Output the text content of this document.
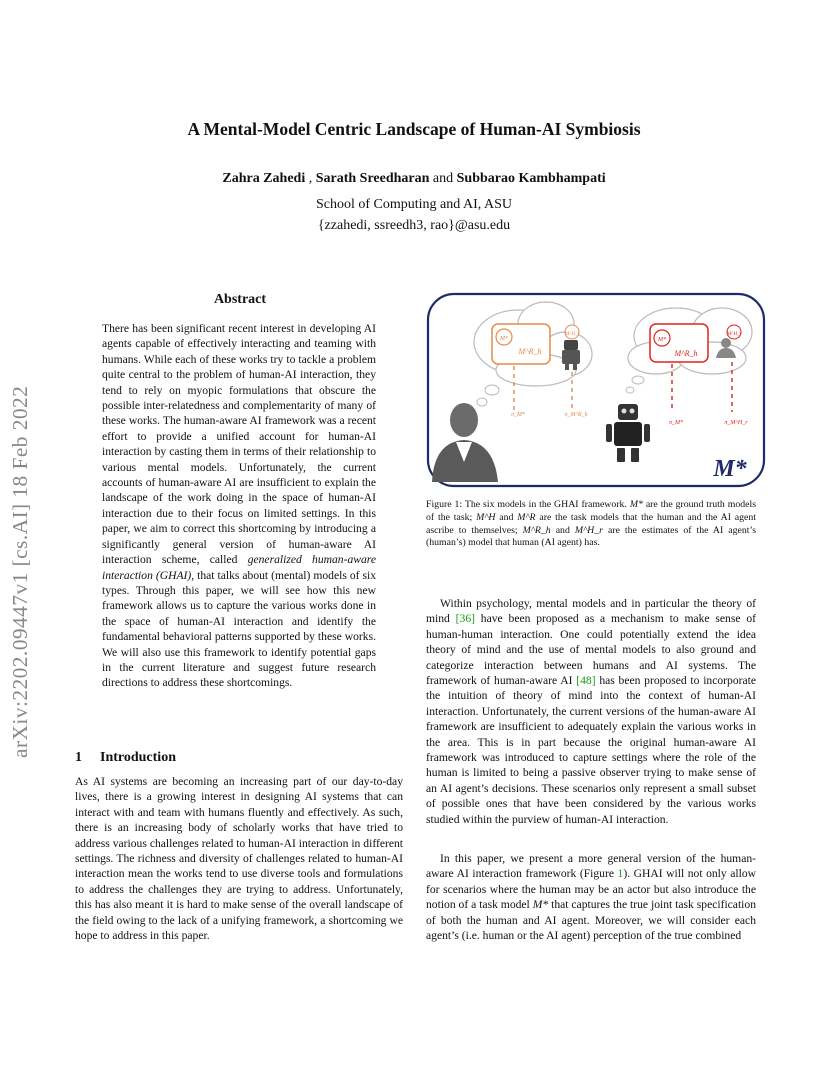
A Mental-Model Centric Landscape of Human-AI Symbiosis
Zahra Zahedi , Sarath Sreedharan and Subbarao Kambhampati
School of Computing and AI, ASU
{zzahedi, ssreedh3, rao}@asu.edu
arXiv:2202.09447v1 [cs.AI] 18 Feb 2022
Abstract
There has been significant recent interest in developing AI agents capable of effectively interacting and teaming with humans. While each of these works try to tackle a problem quite central to the problem of human-AI interaction, they tend to rely on myopic formulations that obscure the possible inter-relatedness and complementarity of many of these works. The human-aware AI framework was a recent effort to provide a unified account for human-AI interaction by casting them in terms of their relationship to various mental models. Unfortunately, the current accounts of human-aware AI are insufficient to explain the landscape of the work doing in the space of human-AI interaction due to their focus on limited settings. In this paper, we aim to correct this shortcoming by introducing a significantly general version of human-aware AI interaction scheme, called generalized human-aware interaction (GHAI), that talks about (mental) models of six types. Through this paper, we will see how this new framework allows us to capture the various works done in the space of human-AI interaction and identify the fundamental behavioral patterns supported by these works. We will also use this framework to identify potential gaps in the current literature and suggest future research directions to address these shortcomings.
1 Introduction
As AI systems are becoming an increasing part of our day-to-day lives, there is a growing interest in designing AI systems that can interact with and team with humans fluently and effectively. As such, there is an increasing body of scholarly works that have tried to address various challenges related to human-AI interaction in different settings. The richness and diversity of challenges related to human-AI interaction mean the works tend to use diverse tools and formulations to address the challenges they are trying to address. Unfortunately, this has also meant it is hard to make sense of the overall landscape of the field owing to the lack of a unifying framework, a shortcoming we hope to address in this paper.
M*
M^R_h
M^H_r
π_M*	π_M^R_h
M*
M^R_h
M^H_r
π_M*	π_M^H_r
M*
Figure 1: The six models in the GHAI framework. M* are the ground truth models of the task; M^H and M^R are the task models that the human and the AI agent ascribe to themselves; M^R_h and M^H_r are the estimates of the AI agent’s (human’s) model that human (AI agent) has.

Within psychology, mental models and in particular the theory of mind [36] have been proposed as a mechanism to make sense of human-human interaction. One could potentially extend the idea theory of mind and the use of mental models to also ground and categorize interaction between humans and AI systems. The framework of human-aware AI [48] has been proposed to incorporate the intuition of theory of mind into the context of human-AI interaction. Unfortunately, the current versions of the human-aware AI framework are insufficient to adequately explain the various works in the area. This is in part because the original human-aware AI framework was introduced to capture settings where the role of the human is limited to being a passive observer trying to make sense of an AI agent’s decisions. These scenarios only represent a small subset of possible ones that have been considered by the various works studied within the purview of human-AI interaction.

In this paper, we present a more general version of the human-aware AI interaction framework (Figure 1). GHAI will not only allow for scenarios where the human may be an actor but also introduce the notion of a task model M* that captures the true joint task specification of both the human and AI agent. Moreover, we will consider each agent’s (i.e. human or the AI agent) perception of the true combined
